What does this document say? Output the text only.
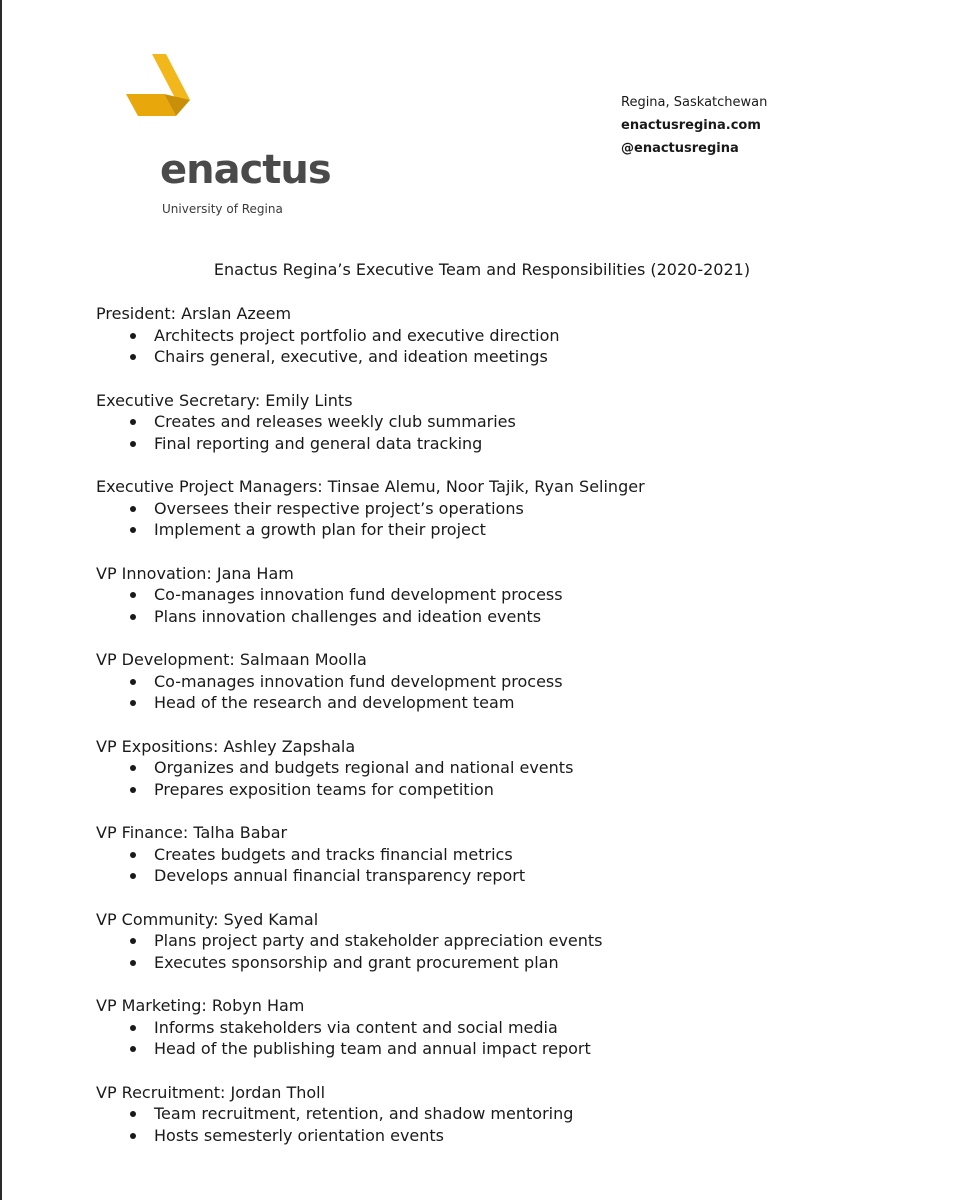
enactus
University of Regina
Regina, Saskatchewan
enactusregina.com
@enactusregina
Enactus Regina’s Executive Team and Responsibilities (2020-2021)
President: Arslan Azeem
Architects project portfolio and executive direction
Chairs general, executive, and ideation meetings
Executive Secretary: Emily Lints
Creates and releases weekly club summaries
Final reporting and general data tracking
Executive Project Managers: Tinsae Alemu, Noor Tajik, Ryan Selinger
Oversees their respective project’s operations
Implement a growth plan for their project
VP Innovation: Jana Ham
Co-manages innovation fund development process
Plans innovation challenges and ideation events
VP Development: Salmaan Moolla
Co-manages innovation fund development process
Head of the research and development team
VP Expositions: Ashley Zapshala
Organizes and budgets regional and national events
Prepares exposition teams for competition
VP Finance: Talha Babar
Creates budgets and tracks financial metrics
Develops annual financial transparency report
VP Community: Syed Kamal
Plans project party and stakeholder appreciation events
Executes sponsorship and grant procurement plan
VP Marketing: Robyn Ham
Informs stakeholders via content and social media
Head of the publishing team and annual impact report
VP Recruitment: Jordan Tholl
Team recruitment, retention, and shadow mentoring
Hosts semesterly orientation events
